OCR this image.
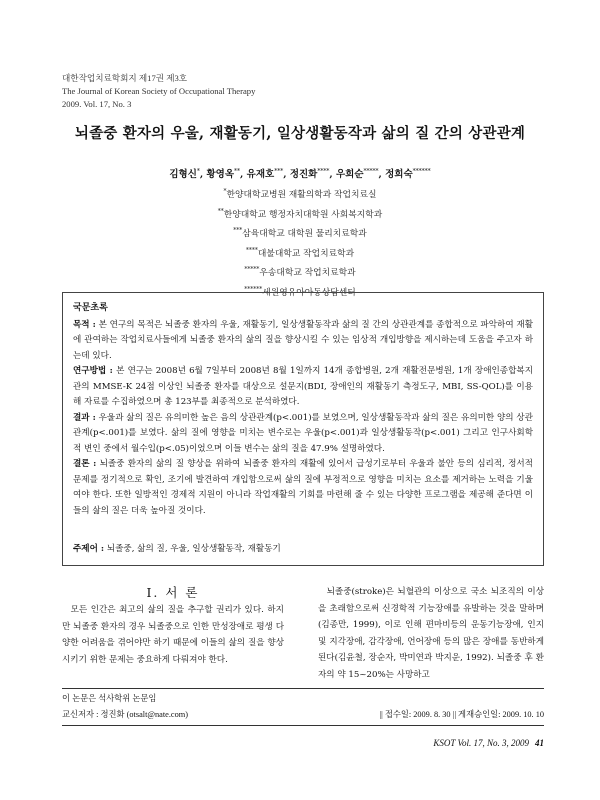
대한작업치료학회지 제17권 제3호
The Journal of Korean Society of Occupational Therapy
2009. Vol. 17, No. 3
뇌졸중 환자의 우울, 재활동기, 일상생활동작과 삶의 질 간의 상관관계
김형신*, 황영옥**, 유재호***, 정진화****, 우희순*****, 정희숙******
*한양대학교병원 재활의학과 작업치료실
**한양대학교 행정자치대학원 사회복지학과
***삼육대학교 대학원 물리치료학과
****대불대학교 작업치료학과
*****우송대학교 작업치료학과
******세원영유아아동상담센터
국문초록

목적 : 본 연구의 목적은 뇌졸중 환자의 우울, 재활동기, 일상생활동작과 삶의 질 간의 상관관계를 종합적으로 파악하여 재활에 관여하는 작업치료사들에게 뇌졸중 환자의 삶의 질을 향상시킬 수 있는 임상적 개입방향을 제시하는데 도움을 주고자 하는데 있다.

연구방법 : 본 연구는 2008년 6월 7일부터 2008년 8월 1일까지 14개 종합병원, 2개 재활전문병원, 1개 장애인종합복지관의 MMSE-K 24점 이상인 뇌졸중 환자를 대상으로 설문지(BDI, 장애인의 재활동기 측정도구, MBI, SS-QOL)를 이용해 자료를 수집하였으며 총 123부를 최종적으로 분석하였다.

결과 : 우울과 삶의 질은 유의미한 높은 음의 상관관계(p<.001)를 보였으며, 일상생활동작과 삶의 질은 유의미한 양의 상관관계(p<.001)를 보였다. 삶의 질에 영향을 미치는 변수로는 우울(p<.001)과 일상생활동작(p<.001) 그리고 인구사회학적 변인 중에서 월수입(p<.05)이었으며 이들 변수는 삶의 질을 47.9% 설명하였다.

결론 : 뇌졸중 환자의 삶의 질 향상을 위하여 뇌졸중 환자의 재활에 있어서 급성기로부터 우울과 불안 등의 심리적, 정서적 문제를 정기적으로 확인, 조기에 발견하여 개입함으로써 삶의 질에 부정적으로 영향을 미치는 요소를 제거하는 노력을 기울여야 한다. 또한 일방적인 경제적 지원이 아니라 작업재활의 기회를 마련해 줄 수 있는 다양한 프로그램을 제공해 준다면 이들의 삶의 질은 더욱 높아질 것이다.

주제어 : 뇌졸중, 삶의 질, 우울, 일상생활동작, 재활동기
Ⅰ. 서 론

모든 인간은 최고의 삶의 질을 추구할 권리가 있다. 하지만 뇌졸중 환자의 경우 뇌졸중으로 인한 만성장애로 평생 다양한 어려움을 겪어야만 하기 때문에 이들의 삶의 질을 향상시키기 위한 문제는 중요하게 다뤄져야 한다.

뇌졸중(stroke)은 뇌혈관의 이상으로 국소 뇌조직의 이상을 초래함으로써 신경학적 기능장애를 유발하는 것을 말하며(김종만, 1999), 이로 인해 편마비등의 운동기능장애, 인지 및 지각장애, 감각장애, 언어장애 등의 많은 장애를 동반하게 된다(김윤철, 장순자, 박미연과 박지운, 1992). 뇌졸중 후 환자의 약 15~20%는 사망하고

이 논문은 석사학위 논문임
교신저자 : 정진화 (otsalt@nate.com)	|| 접수일: 2009. 8. 30 || 게재승인일: 2009. 10. 10
KSOT Vol. 17, No. 3, 2009 41
